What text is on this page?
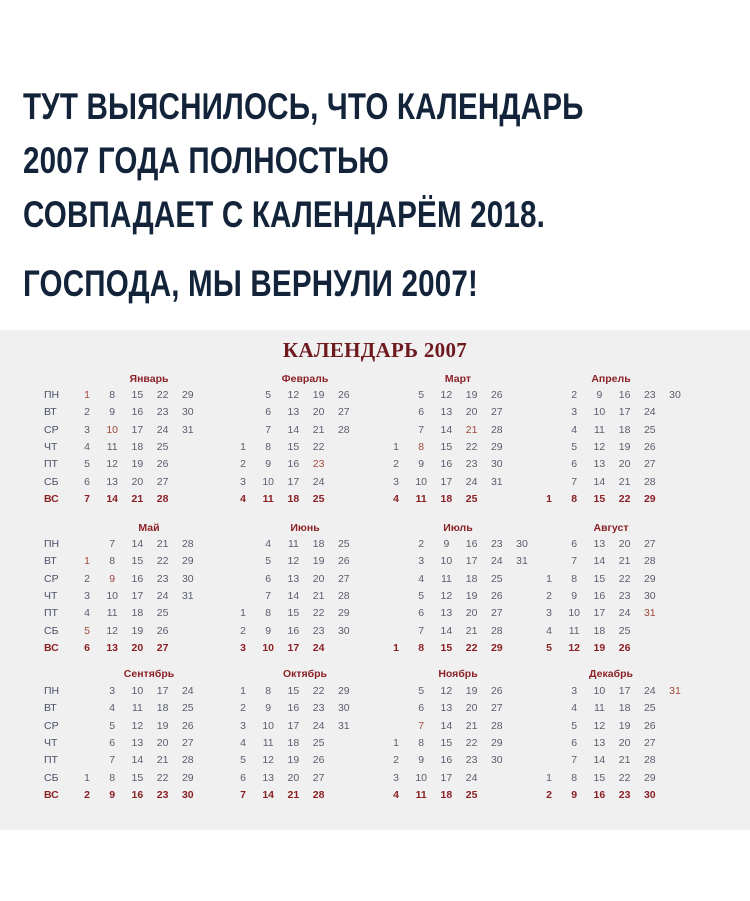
ТУТ ВЫЯСНИЛОСЬ, ЧТО КАЛЕНДАРЬ
2007 ГОДА ПОЛНОСТЬЮ
СОВПАДАЕТ С КАЛЕНДАРЁМ 2018.
ГОСПОДА, МЫ ВЕРНУЛИ 2007!
КАЛЕНДАРЬ 2007
ПН
ВТ
СР
ЧТ
ПТ
СБ
ВС
ПН
ВТ
СР
ЧТ
ПТ
СБ
ВС
ПН
ВТ
СР
ЧТ
ПТ
СБ
ВС
Январь
1
2
3
4
5
6
7
8
9
10
11
12
13
14
15
16
17
18
19
20
21
22
23
24
25
26
27
28
29
30
31
Февраль
1
2
3
4
5
6
7
8
9
10
11
12
13
14
15
16
17
18
19
20
21
22
23
24
25
26
27
28
Март
1
2
3
4
5
6
7
8
9
10
11
12
13
14
15
16
17
18
19
20
21
22
23
24
25
26
27
28
29
30
31
Апрель
1
2
3
4
5
6
7
8
9
10
11
12
13
14
15
16
17
18
19
20
21
22
23
24
25
26
27
28
29
30
Май
1
2
3
4
5
6
7
8
9
10
11
12
13
14
15
16
17
18
19
20
21
22
23
24
25
26
27
28
29
30
31
Июнь
1
2
3
4
5
6
7
8
9
10
11
12
13
14
15
16
17
18
19
20
21
22
23
24
25
26
27
28
29
30
Июль
1
2
3
4
5
6
7
8
9
10
11
12
13
14
15
16
17
18
19
20
21
22
23
24
25
26
27
28
29
30
31
Август
1
2
3
4
5
6
7
8
9
10
11
12
13
14
15
16
17
18
19
20
21
22
23
24
25
26
27
28
29
30
31
Сентябрь
1
2
3
4
5
6
7
8
9
10
11
12
13
14
15
16
17
18
19
20
21
22
23
24
25
26
27
28
29
30
Октябрь
1
2
3
4
5
6
7
8
9
10
11
12
13
14
15
16
17
18
19
20
21
22
23
24
25
26
27
28
29
30
31
Ноябрь
1
2
3
4
5
6
7
8
9
10
11
12
13
14
15
16
17
18
19
20
21
22
23
24
25
26
27
28
29
30
Декабрь
1
2
3
4
5
6
7
8
9
10
11
12
13
14
15
16
17
18
19
20
21
22
23
24
25
26
27
28
29
30
31
